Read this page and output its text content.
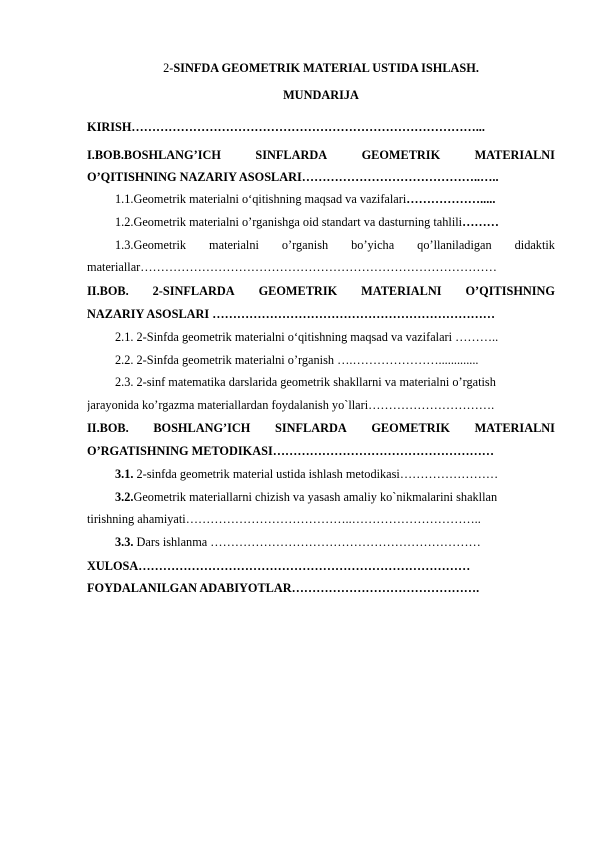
2-SINFDA GEOMETRIK MATERIAL USTIDA ISHLASH.
MUNDARIJA
KIRISH…………………………………………………………………………...
I.BOB.BOSHLANG’ICH	SINFLARDA	GEOMETRIK	MATERIALNI
O’QITISHNING NAZARIY ASOSLARI……………………………………..…..
1.1.Geometrik materialni o‘qitishning maqsad va vazifalari……………….....
1.2.Geometrik materialni o’rganishga oid standart va dasturning tahlili………
1.3.Geometrik materialni o’rganish bo’yicha qo’llaniladigan didaktik
materiallar……………………………………………………………………………
II.BOB. 2-SINFLARDA GEOMETRIK MATERIALNI O’QITISHNING
NAZARIY ASOSLARI ……………………………………………………………
2.1. 2-Sinfda geometrik materialni o‘qitishning maqsad va vazifalari ………..
2.2. 2-Sinfda geometrik materialni o’rganish ….………………….............
2.3. 2-sinf matematika darslarida geometrik shakllarni va materialni o’rgatish
jarayonida ko’rgazma materiallardan foydalanish yo`llari………………………….
II.BOB. BOSHLANG’ICH SINFLARDA GEOMETRIK MATERIALNI
O’RGATISHNING METODIKASI………………………………………………
3.1. 2-sinfda geometrik material ustida ishlash metodikasi……………………
3.2.Geometrik materiallarni chizish va yasash amaliy ko`nikmalarini shakllan
tirishning ahamiyati…………………………………..…………………………..
3.3. Dars ishlanma …………………………………………………………
XULOSA………………………………………………………………………
FOYDALANILGAN ADABIYOTLAR……………………………………….
